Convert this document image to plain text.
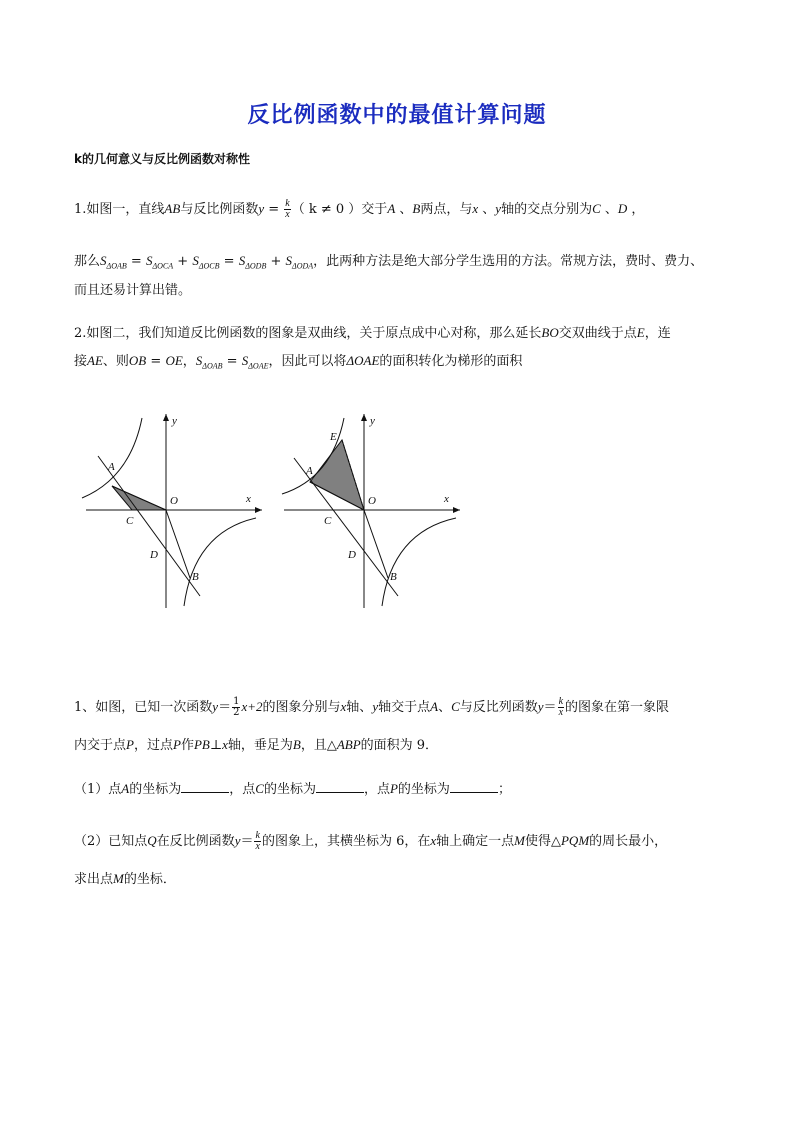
反比例函数中的最值计算问题
k的几何意义与反比例函数对称性
1.如图一，直线AB与反比例函数$y = \frac{k}{x}$ （ k ≠ 0 ）交于A 、B两点，与x 、y轴的交点分别为C 、D ，
那么$S_{\Delta OAB} = S_{\Delta OCA} + S_{\Delta OCB} = S_{\Delta ODB} + S_{\Delta ODA}$，此两种方法是绝大部分学生选用的方法。常规方法，费时、费力、
而且还易计算出错。
2.如图二，我们知道反比例函数的图象是双曲线，关于原点成中心对称，那么延长BO交双曲线于点E，连
接AE、则OB = OE，$S_{\Delta OAB} = S_{\Delta OAE}$，因此可以将ΔOAE的面积转化为梯形的面积
y
x
A
O
C
D
B
y
x
E
A
O
C
D
B
1、如图，已知一次函数$y= \frac{1}{2} x+2$的图象分别与x轴、y轴交于点A、C与反比列函数$y= \frac{k}{x}$ 的图象在第一象限
内交于点P，过点P作PB⊥x轴，垂足为B，且△ABP的面积为 9．
（1）点A的坐标为	，点C的坐标为	，点P的坐标为	；
（2）已知点Q在反比例函数$y= \frac{k}{x}$ 的图象上，其横坐标为 6，在x轴上确定一点M使得△PQM的周长最小，
求出点M的坐标．
